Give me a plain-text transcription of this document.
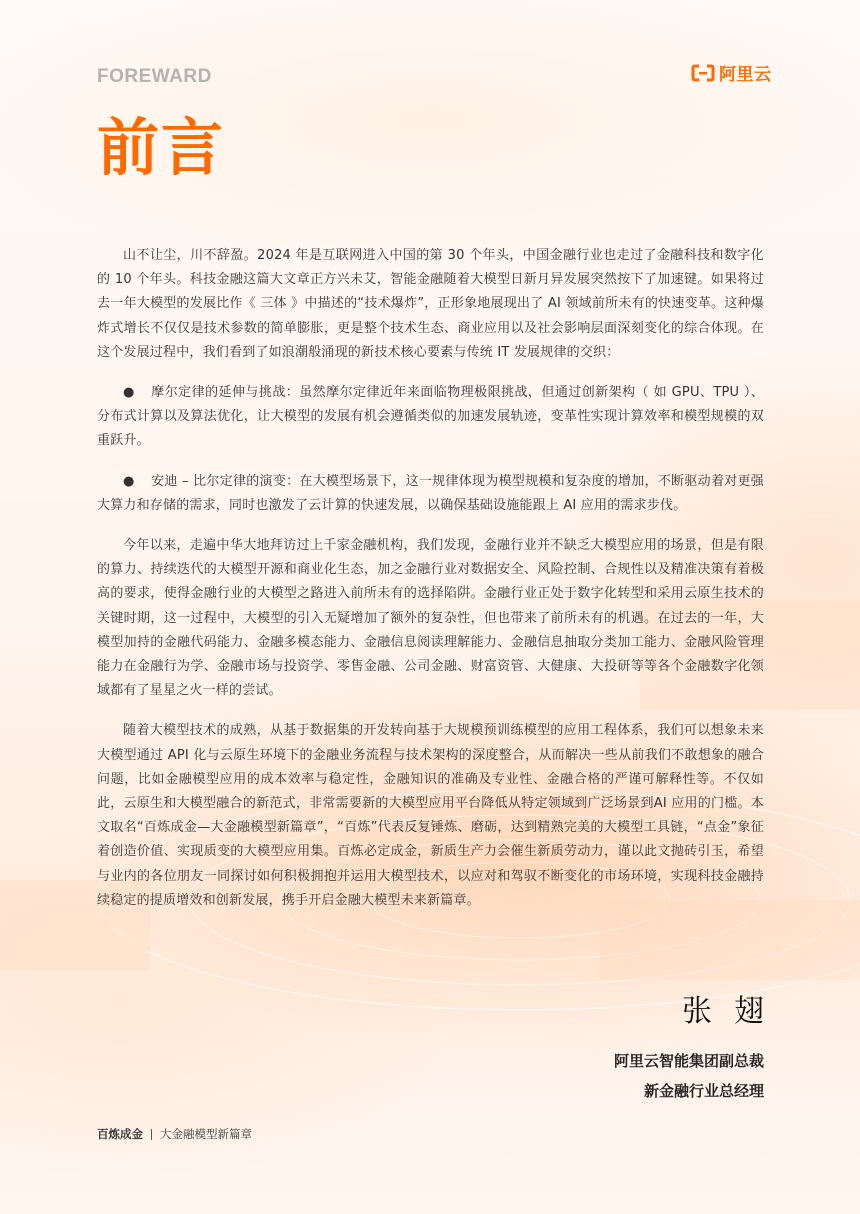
FOREWARD	阿里云
前言

山不让尘，川不辞盈。2024 年是互联网进入中国的第 30 个年头，中国金融行业也走过了金融科技和数字化的 10 个年头。科技金融这篇大文章正方兴未艾，智能金融随着大模型日新月异发展突然按下了加速键。如果将过去一年大模型的发展比作《 三体 》中描述的“技术爆炸”，正形象地展现出了 AI 领域前所未有的快速变革。这种爆炸式增长不仅仅是技术参数的简单膨胀，更是整个技术生态、商业应用以及社会影响层面深刻变化的综合体现。在这个发展过程中，我们看到了如浪潮般涌现的新技术核心要素与传统 IT 发展规律的交织：

● 摩尔定律的延伸与挑战：虽然摩尔定律近年来面临物理极限挑战，但通过创新架构（ 如 GPU、TPU ）、分布式计算以及算法优化，让大模型的发展有机会遵循类似的加速发展轨迹，变革性实现计算效率和模型规模的双重跃升。

● 安迪 – 比尔定律的演变：在大模型场景下，这一规律体现为模型规模和复杂度的增加，不断驱动着对更强大算力和存储的需求，同时也激发了云计算的快速发展，以确保基础设施能跟上 AI 应用的需求步伐。

今年以来，走遍中华大地拜访过上千家金融机构，我们发现，金融行业并不缺乏大模型应用的场景，但是有限的算力、持续迭代的大模型开源和商业化生态，加之金融行业对数据安全、风险控制、合规性以及精准决策有着极高的要求，使得金融行业的大模型之路进入前所未有的选择陷阱。金融行业正处于数字化转型和采用云原生技术的关键时期，这一过程中，大模型的引入无疑增加了额外的复杂性，但也带来了前所未有的机遇。在过去的一年，大模型加持的金融代码能力、金融多模态能力、金融信息阅读理解能力、金融信息抽取分类加工能力、金融风险管理能力在金融行为学、金融市场与投资学、零售金融、公司金融、财富资管、大健康、大投研等等各个金融数字化领域都有了星星之火一样的尝试。

随着大模型技术的成熟，从基于数据集的开发转向基于大规模预训练模型的应用工程体系，我们可以想象未来大模型通过 API 化与云原生环境下的金融业务流程与技术架构的深度整合，从而解决一些从前我们不敢想象的融合问题，比如金融模型应用的成本效率与稳定性，金融知识的准确及专业性、金融合格的严谨可解释性等。不仅如此，云原生和大模型融合的新范式，非常需要新的大模型应用平台降低从特定领域到广泛场景到AI 应用的门槛。本文取名“百炼成金—大金融模型新篇章”，“百炼”代表反复锤炼、磨砺，达到精熟完美的大模型工具链，“点金”象征着创造价值、实现质变的大模型应用集。百炼必定成金，新质生产力会催生新质劳动力，谨以此文抛砖引玉，希望与业内的各位朋友一同探讨如何积极拥抱并运用大模型技术，以应对和驾驭不断变化的市场环境，实现科技金融持续稳定的提质增效和创新发展，携手开启金融大模型未来新篇章。

张翅
阿里云智能集团副总裁
新金融行业总经理
百炼成金 大金融模型新篇章
